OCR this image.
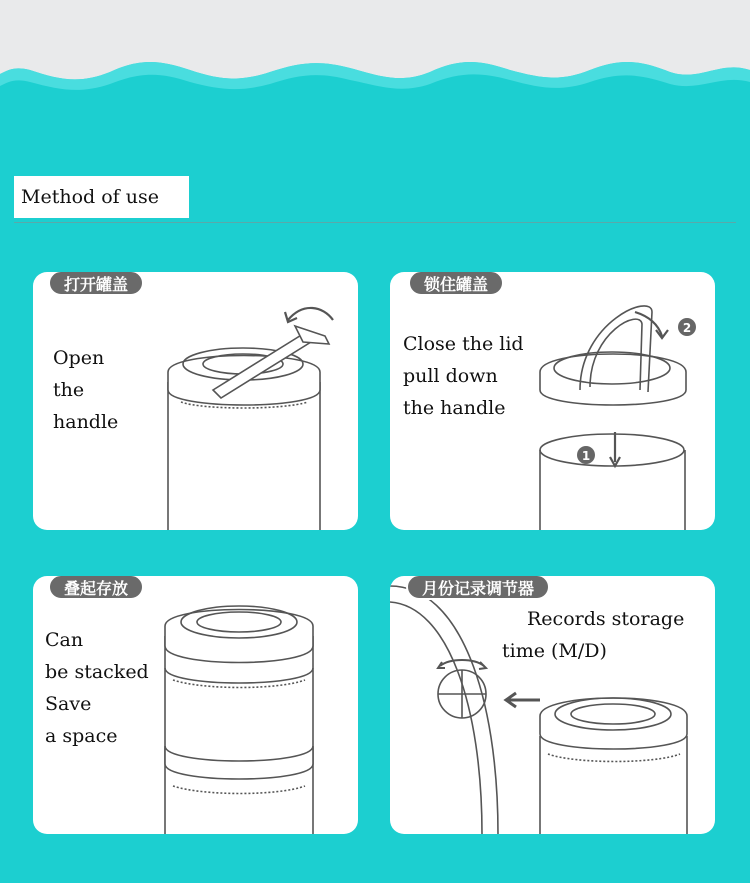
Method of use
打开罐盖
Open
the
handle
2
1
锁住罐盖
Close the lid
pull down
the handle
叠起存放
Can
be stacked
Save
a space
月份记录调节器
Records storage
time (M/D)
